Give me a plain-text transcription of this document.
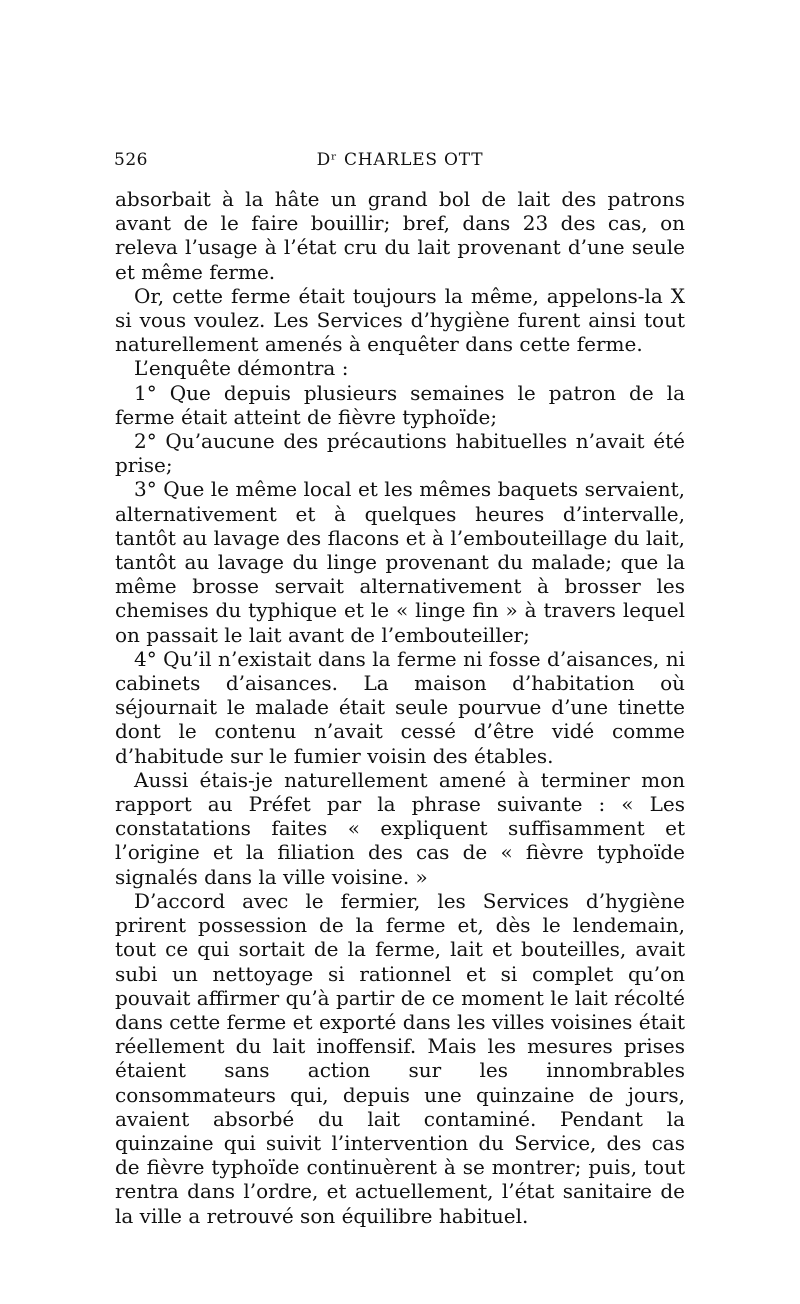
526	Dʳ CHARLES OTT

absorbait à la hâte un grand bol de lait des patrons avant de le faire bouillir; bref, dans 23 des cas, on releva l’usage à l’état cru du lait provenant d’une seule et même ferme.

Or, cette ferme était toujours la même, appelons-la X si vous voulez. Les Services d’hygiène furent ainsi tout naturellement amenés à enquêter dans cette ferme.

L’enquête démontra :

1° Que depuis plusieurs semaines le patron de la ferme était atteint de fièvre typhoïde;

2° Qu’aucune des précautions habituelles n’avait été prise;

3° Que le même local et les mêmes baquets servaient, alternativement et à quelques heures d’intervalle, tantôt au lavage des flacons et à l’embouteillage du lait, tantôt au lavage du linge provenant du malade; que la même brosse servait alternativement à brosser les chemises du typhique et le « linge fin » à travers lequel on passait le lait avant de l’embouteiller;

4° Qu’il n’existait dans la ferme ni fosse d’aisances, ni cabinets d’aisances. La maison d’habitation où séjournait le malade était seule pourvue d’une tinette dont le contenu n’avait cessé d’être vidé comme d’habitude sur le fumier voisin des étables.

Aussi étais-je naturellement amené à terminer mon rapport au Préfet par la phrase suivante : « Les constatations faites « expliquent suffisamment et l’origine et la filiation des cas de « fièvre typhoïde signalés dans la ville voisine. »

D’accord avec le fermier, les Services d’hygiène prirent possession de la ferme et, dès le lendemain, tout ce qui sortait de la ferme, lait et bouteilles, avait subi un nettoyage si rationnel et si complet qu’on pouvait affirmer qu’à partir de ce moment le lait récolté dans cette ferme et exporté dans les villes voisines était réellement du lait inoffensif. Mais les mesures prises étaient sans action sur les innombrables consommateurs qui, depuis une quinzaine de jours, avaient absorbé du lait contaminé. Pendant la quinzaine qui suivit l’intervention du Service, des cas de fièvre typhoïde continuèrent à se montrer; puis, tout rentra dans l’ordre, et actuellement, l’état sanitaire de la ville a retrouvé son équilibre habituel.
